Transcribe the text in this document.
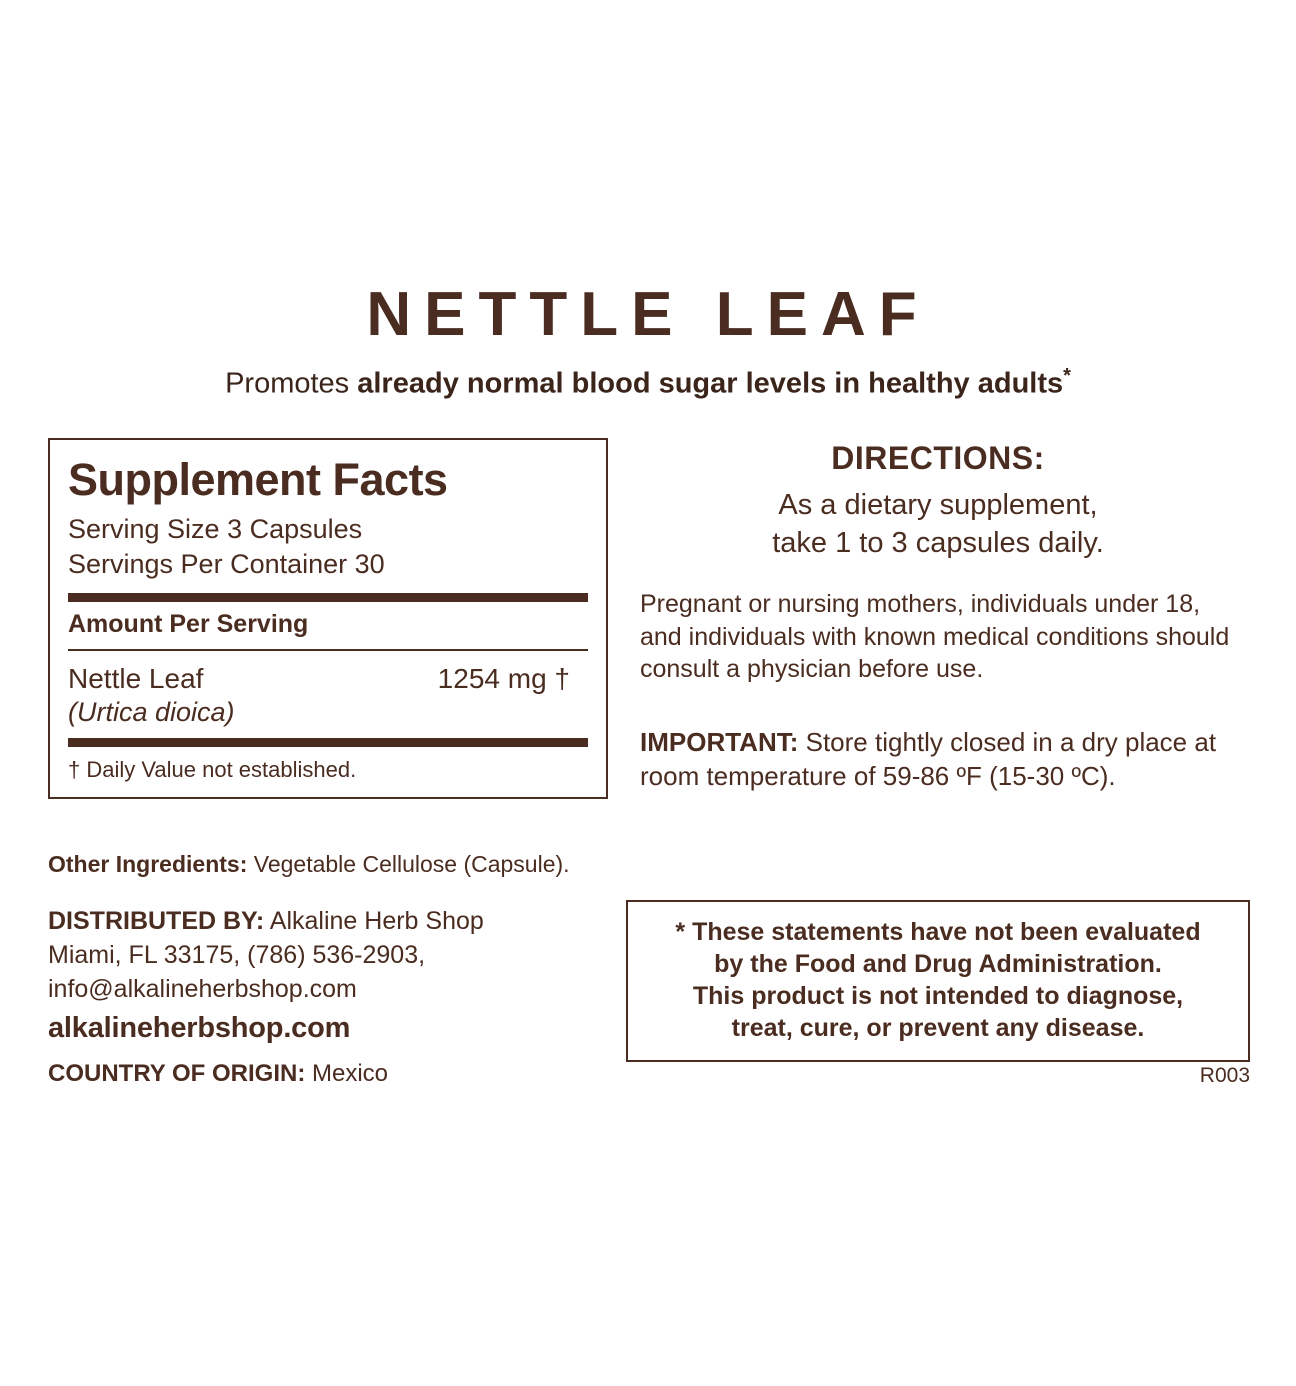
NETTLE LEAF
Promotes already normal blood sugar levels in healthy adults*
Supplement Facts
Serving Size 3 Capsules
Servings Per Container 30
Amount Per Serving
Nettle Leaf	1254 mg †
(Urtica dioica)
† Daily Value not established.
Other Ingredients: Vegetable Cellulose (Capsule).
DISTRIBUTED BY: Alkaline Herb Shop
Miami, FL 33175, (786) 536-2903,
info@alkalineherbshop.com
alkalineherbshop.com
COUNTRY OF ORIGIN: Mexico
DIRECTIONS:
As a dietary supplement,
take 1 to 3 capsules daily.
Pregnant or nursing mothers, individuals under 18, and individuals with known medical conditions should consult a physician before use.
IMPORTANT: Store tightly closed in a dry place at room temperature of 59-86 ºF (15-30 ºC).
* These statements have not been evaluated
by the Food and Drug Administration.
This product is not intended to diagnose,
treat, cure, or prevent any disease.
R003
